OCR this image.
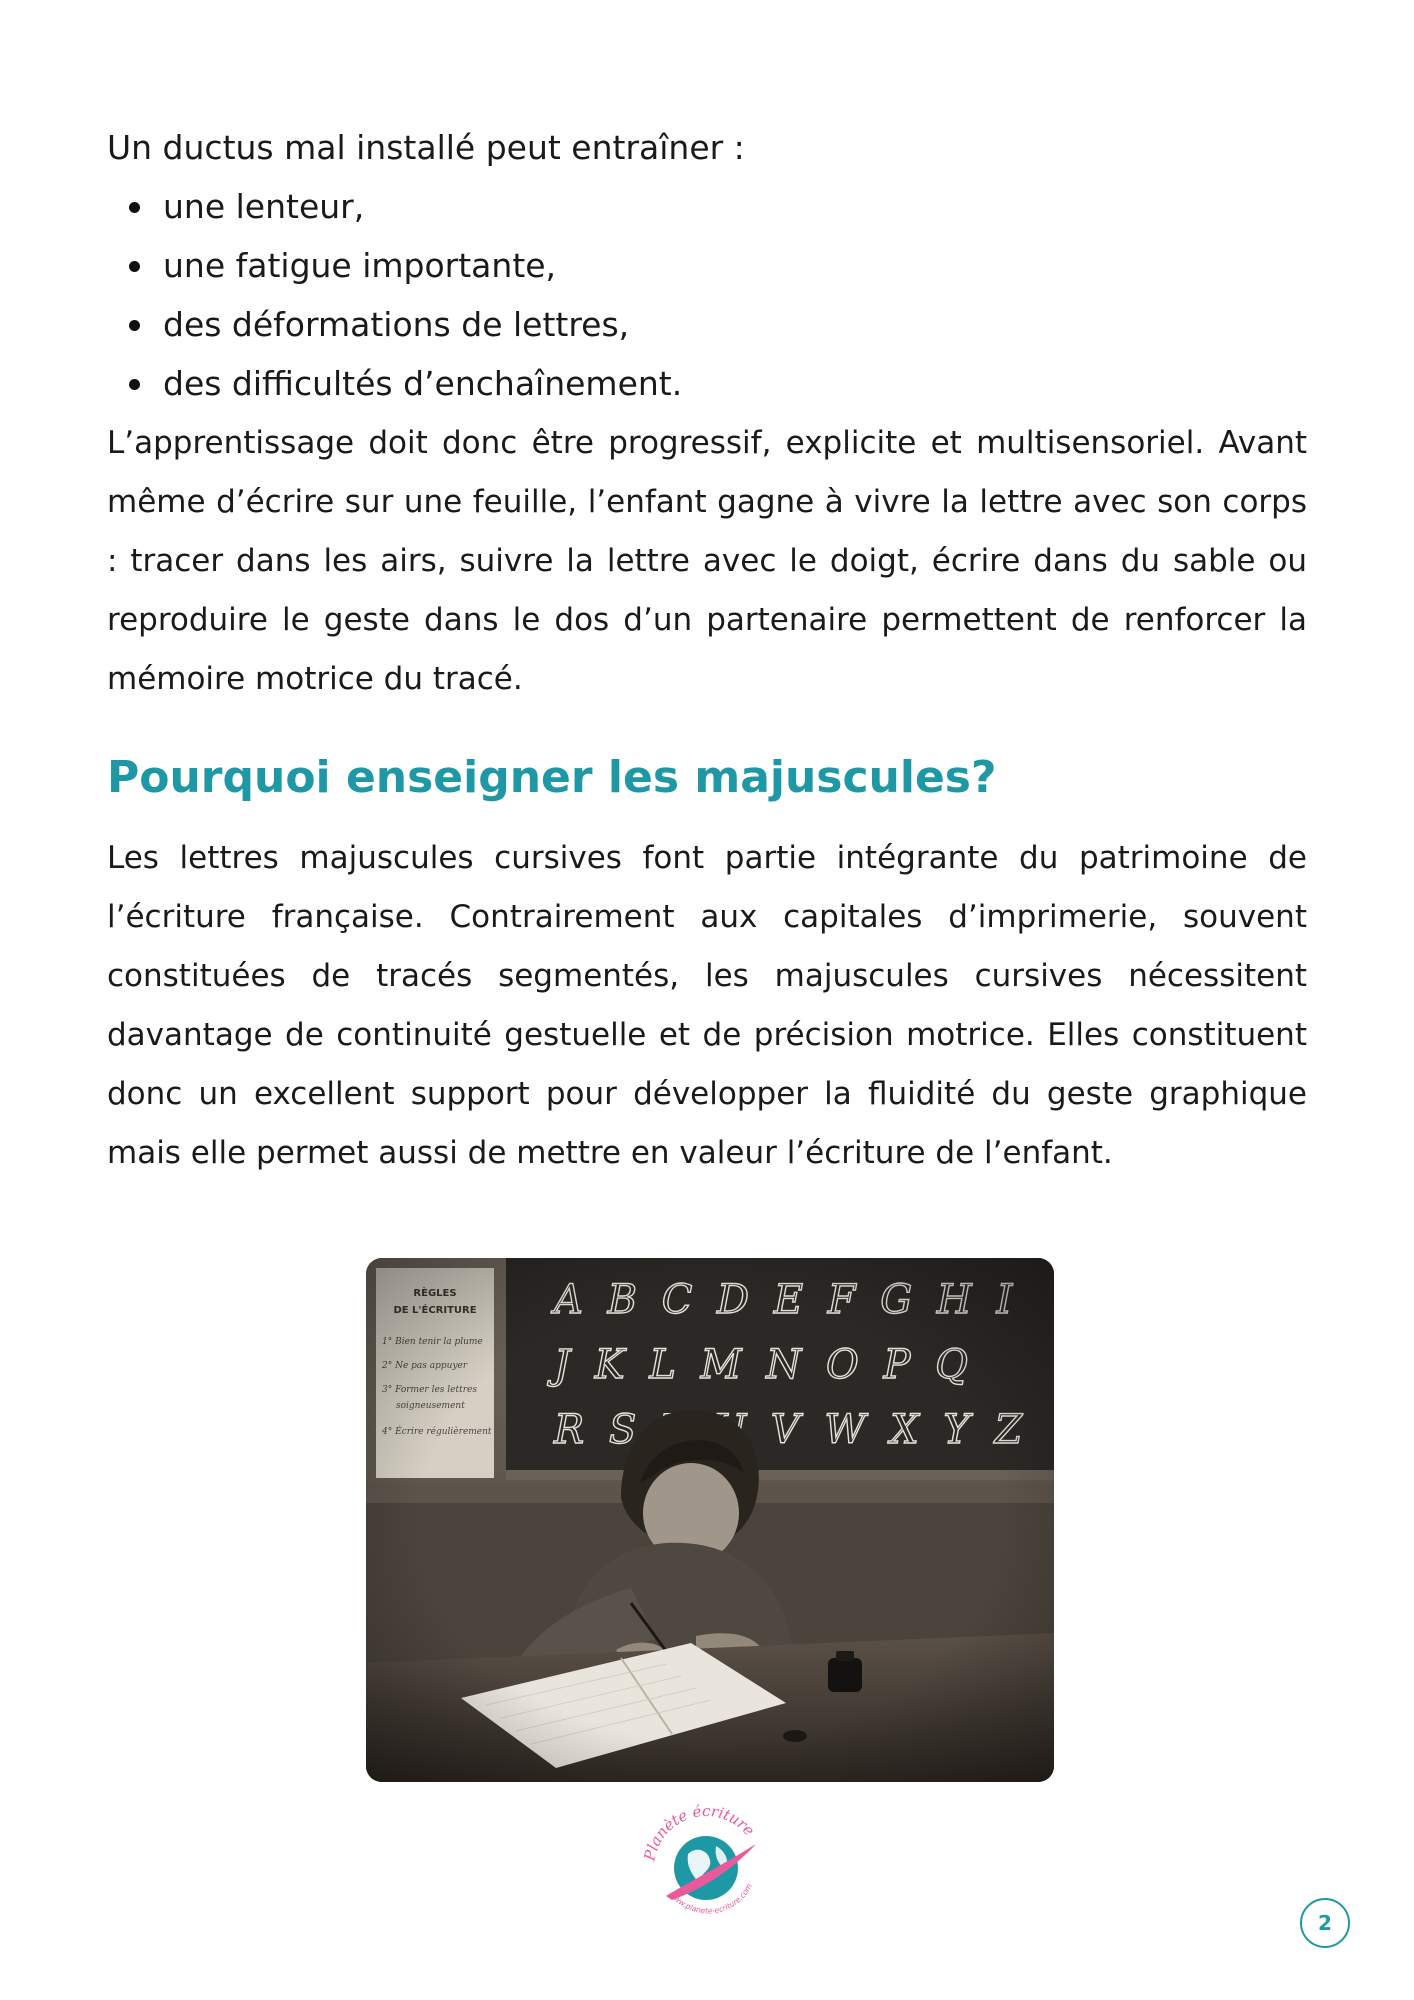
Un ductus mal installé peut entraîner :

une lenteur,
une fatigue importante,
des déformations de lettres,
des difficultés d’enchaînement.

L’apprentissage doit donc être progressif, explicite et multisensoriel. Avant même d’écrire sur une feuille, l’enfant gagne à vivre la lettre avec son corps : tracer dans les airs, suivre la lettre avec le doigt, écrire dans du sable ou reproduire le geste dans le dos d’un partenaire permettent de renforcer la mémoire motrice du tracé.

Pourquoi enseigner les majuscules?

Les lettres majuscules cursives font partie intégrante du patrimoine de l’écriture française. Contrairement aux capitales d’imprimerie, souvent constituées de tracés segmentés, les majuscules cursives nécessitent davantage de continuité gestuelle et de précision motrice. Elles constituent donc un excellent support pour développer la fluidité du geste graphique mais elle permet aussi de mettre en valeur l’écriture de l’enfant.

Planète écriture
www.planete-ecriture.com
2
